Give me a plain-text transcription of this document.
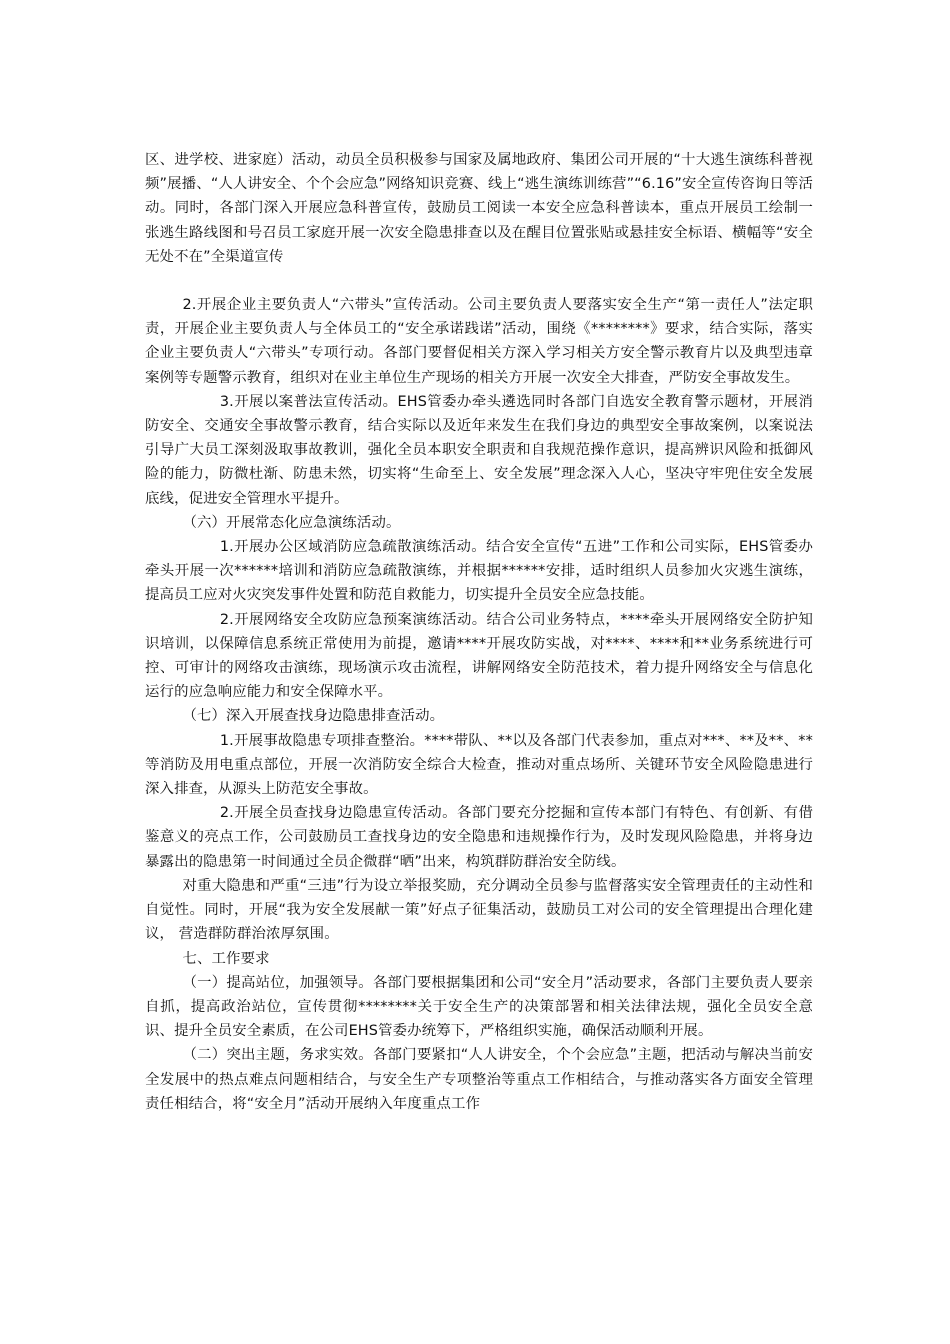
区、进学校、进家庭）活动，动员全员积极参与国家及属地政府、集团公司开展的“十大逃生演练科普视频”展播、“人人讲安全、个个会应急”网络知识竞赛、线上“逃生演练训练营”“6.16”安全宣传咨询日等活动。同时，各部门深入开展应急科普宣传，鼓励员工阅读一本安全应急科普读本，重点开展员工绘制一张逃生路线图和号召员工家庭开展一次安全隐患排查以及在醒目位置张贴或悬挂安全标语、横幅等“安全无处不在”全渠道宣传

2.开展企业主要负责人“六带头”宣传活动。公司主要负责人要落实安全生产“第一责任人”法定职责，开展企业主要负责人与全体员工的“安全承诺践诺”活动，围绕《********》要求，结合实际，落实企业主要负责人“六带头”专项行动。各部门要督促相关方深入学习相关方安全警示教育片以及典型违章案例等专题警示教育，组织对在业主单位生产现场的相关方开展一次安全大排查，严防安全事故发生。

3.开展以案普法宣传活动。EHS管委办牵头遴选同时各部门自选安全教育警示题材，开展消防安全、交通安全事故警示教育，结合实际以及近年来发生在我们身边的典型安全事故案例，以案说法引导广大员工深刻汲取事故教训，强化全员本职安全职责和自我规范操作意识，提高辨识风险和抵御风险的能力，防微杜渐、防患未然，切实将“生命至上、安全发展”理念深入人心，坚决守牢兜住安全发展底线，促进安全管理水平提升。

（六）开展常态化应急演练活动。

1.开展办公区域消防应急疏散演练活动。结合安全宣传“五进”工作和公司实际，EHS管委办牵头开展一次******培训和消防应急疏散演练，并根据******安排，适时组织人员参加火灾逃生演练，提高员工应对火灾突发事件处置和防范自救能力，切实提升全员安全应急技能。

2.开展网络安全攻防应急预案演练活动。结合公司业务特点，****牵头开展网络安全防护知识培训，以保障信息系统正常使用为前提，邀请****开展攻防实战，对****、****和**业务系统进行可控、可审计的网络攻击演练，现场演示攻击流程，讲解网络安全防范技术，着力提升网络安全与信息化运行的应急响应能力和安全保障水平。

（七）深入开展查找身边隐患排查活动。

1.开展事故隐患专项排查整治。****带队、**以及各部门代表参加，重点对***、**及**、**等消防及用电重点部位，开展一次消防安全综合大检查，推动对重点场所、关键环节安全风险隐患进行深入排查，从源头上防范安全事故。

2.开展全员查找身边隐患宣传活动。各部门要充分挖掘和宣传本部门有特色、有创新、有借鉴意义的亮点工作，公司鼓励员工查找身边的安全隐患和违规操作行为，及时发现风险隐患，并将身边暴露出的隐患第一时间通过全员企微群“晒”出来，构筑群防群治安全防线。

对重大隐患和严重“三违”行为设立举报奖励，充分调动全员参与监督落实安全管理责任的主动性和自觉性。同时，开展“我为安全发展献一策”好点子征集活动，鼓励员工对公司的安全管理提出合理化建议， 营造群防群治浓厚氛围。

七、工作要求

（一）提高站位，加强领导。各部门要根据集团和公司“安全月”活动要求，各部门主要负责人要亲自抓，提高政治站位，宣传贯彻********关于安全生产的决策部署和相关法律法规，强化全员安全意识、提升全员安全素质，在公司EHS管委办统筹下，严格组织实施，确保活动顺利开展。

（二）突出主题，务求实效。各部门要紧扣“人人讲安全，个个会应急”主题，把活动与解决当前安全发展中的热点难点问题相结合，与安全生产专项整治等重点工作相结合，与推动落实各方面安全管理责任相结合，将“安全月”活动开展纳入年度重点工作
